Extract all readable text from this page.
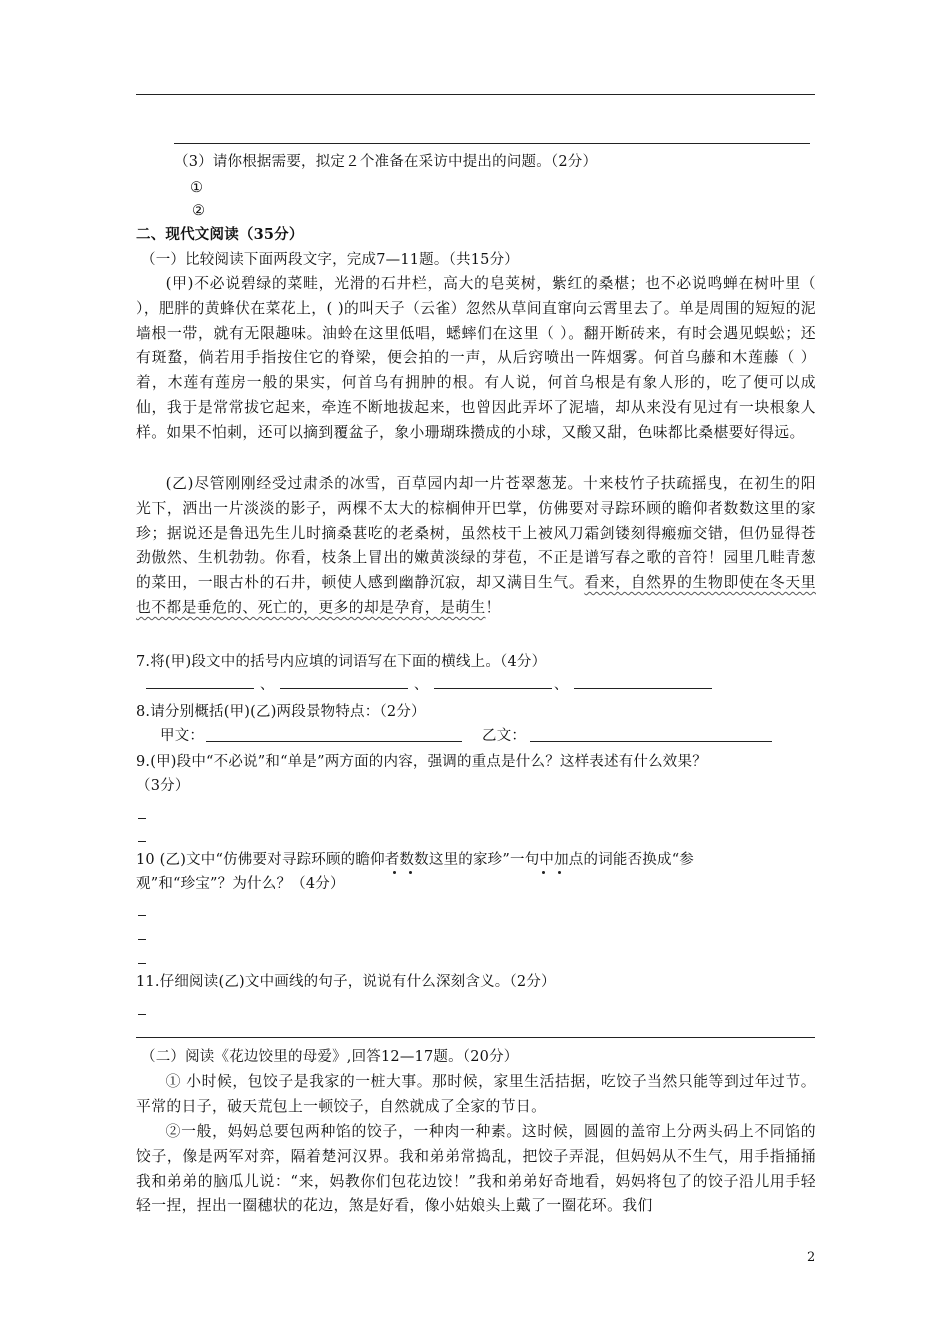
（3）请你根据需要，拟定２个准备在采访中提出的问题。（2分）
①
②
二、现代文阅读（35分）
（一）比较阅读下面两段文字，完成7—11题。（共15分）
(甲)不必说碧绿的菜畦，光滑的石井栏，高大的皂荚树，紫红的桑椹；也不必说鸣蝉在树叶里（ ），肥胖的黄蜂伏在菜花上，( )的叫天子（云雀）忽然从草间直窜向云霄里去了。单是周围的短短的泥墙根一带，就有无限趣味。油蛉在这里低唱，蟋蟀们在这里（ ）。翻开断砖来，有时会遇见蜈蚣；还有斑蝥，倘若用手指按住它的脊梁，便会拍的一声，从后窍喷出一阵烟雾。何首乌藤和木莲藤（ ）着，木莲有莲房一般的果实，何首乌有拥肿的根。有人说，何首乌根是有象人形的，吃了便可以成仙，我于是常常拔它起来，牵连不断地拔起来，也曾因此弄坏了泥墙，却从来没有见过有一块根象人样。如果不怕刺，还可以摘到覆盆子，象小珊瑚珠攒成的小球，又酸又甜，色味都比桑椹要好得远。
(乙)尽管刚刚经受过肃杀的冰雪，百草园内却一片苍翠葱茏。十来枝竹子扶疏摇曳，在初生的阳光下，洒出一片淡淡的影子，两棵不太大的棕榈伸开巴掌，仿佛要对寻踪环顾的瞻仰者数数这里的家珍；据说还是鲁迅先生儿时摘桑葚吃的老桑树，虽然枝干上被风刀霜剑镂刻得瘢痂交错，但仍显得苍劲傲然、生机勃勃。你看，枝条上冒出的嫩黄淡绿的芽苞，不正是谱写春之歌的音符！园里几畦青葱的菜田，一眼古朴的石井，顿使人感到幽静沉寂，却又满目生气。看来，自然界的生物即使在冬天里也不都是垂危的、死亡的，更多的却是孕育，是萌生！
7.将(甲)段文中的括号内应填的词语写在下面的横线上。（4分）
、	、	、
8.请分别概括(甲)(乙)两段景物特点：（2分）
甲文：	乙文：
9.(甲)段中“不必说”和“单是”两方面的内容，强调的重点是什么？这样表述有什么效果？
（3分）
10 (乙)文中“仿佛要对寻踪环顾的瞻仰者数数这里的家珍”一句中加点的词能否换成“参
观”和“珍宝”？为什么？（4分）
11.仔细阅读(乙)文中画线的句子，说说有什么深刻含义。（2分）
（二）阅读《花边饺里的母爱》,回答12—17题。（20分）
① 小时候，包饺子是我家的一桩大事。那时候，家里生活拮据，吃饺子当然只能等到过年过节。平常的日子，破天荒包上一顿饺子，自然就成了全家的节日。
②一般，妈妈总要包两种馅的饺子，一种肉一种素。这时候，圆圆的盖帘上分两头码上不同馅的饺子，像是两军对弈，隔着楚河汉界。我和弟弟常捣乱，把饺子弄混，但妈妈从不生气，用手指捅捅我和弟弟的脑瓜儿说：“来，妈教你们包花边饺！”我和弟弟好奇地看，妈妈将包了的饺子沿儿用手轻轻一捏，捏出一圈穗状的花边，煞是好看，像小姑娘头上戴了一圈花环。我们
2
